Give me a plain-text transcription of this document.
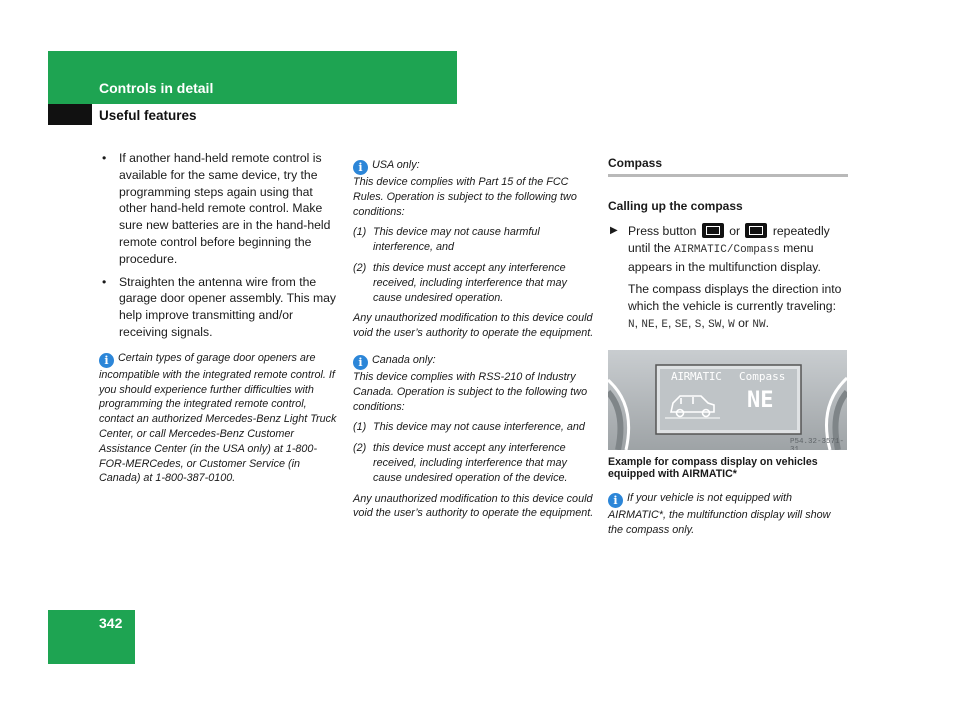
Controls in detail
Useful features
• If another hand-held remote control is available for the same device, try the programming steps again using that other hand-held remote control. Make sure new batteries are in the hand-held remote control before beginning the procedure.
• Straighten the antenna wire from the garage door opener assembly. This may help improve transmitting and/or receiving signals.

i Certain types of garage door openers are incompatible with the integrated remote control. If you should experience further difficulties with programming the integrated remote control, contact an authorized Mercedes-Benz Light Truck Center, or call Mercedes-Benz Customer Assistance Center (in the USA only) at 1-800-FOR-MERCedes, or Customer Service (in Canada) at 1-800-387-0100.

i USA only:

This device complies with Part 15 of the FCC Rules. Operation is subject to the following two conditions:

(1) This device may not cause harmful interference, and
(2) this device must accept any interference received, including interference that may cause undesired operation.

Any unauthorized modification to this device could void the user’s authority to operate the equipment.

i Canada only:

This device complies with RSS-210 of Industry Canada. Operation is subject to the following two conditions:

(1) This device may not cause interference, and
(2) this device must accept any interference received, including interference that may cause undesired operation of the device.

Any unauthorized modification to this device could void the user’s authority to operate the equipment.

Compass
Calling up the compass
▶ Press button	or	repeatedly until the AIRMATIC/Compass menu appears in the multifunction display.
The compass displays the direction into which the vehicle is currently traveling: N, NE, E, SE, S, SW, W or NW.
AIRMATIC Compass
NE
P54.32-3571-31
Example for compass display on vehicles equipped with AIRMATIC*

i If your vehicle is not equipped with AIRMATIC*, the multifunction display will show the compass only.

342
